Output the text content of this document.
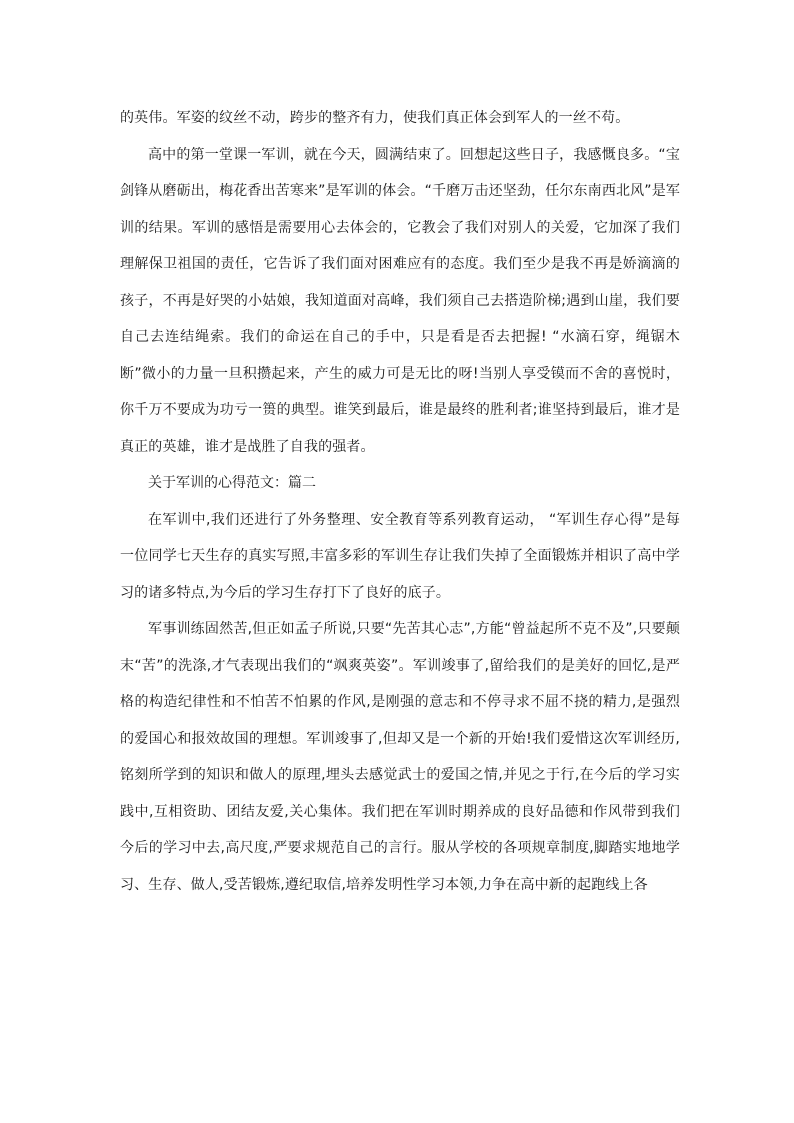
的英伟。军姿的纹丝不动，跨步的整齐有力，使我们真正体会到军人的一丝不苟。

高中的第一堂课一军训，就在今天，圆满结束了。回想起这些日子，我感慨良多。“宝剑锋从磨砺出，梅花香出苦寒来”是军训的体会。“千磨万击还坚劲，任尔东南西北风”是军训的结果。军训的感悟是需要用心去体会的，它教会了我们对别人的关爱，它加深了我们理解保卫祖国的责任，它告诉了我们面对困难应有的态度。我们至少是我不再是娇滴滴的孩子，不再是好哭的小姑娘，我知道面对高峰，我们须自己去搭造阶梯;遇到山崖，我们要自己去连结绳索。我们的命运在自己的手中，只是看是否去把握! “水滴石穿，绳锯木断”微小的力量一旦积攒起来，产生的威力可是无比的呀!当别人享受镆而不舍的喜悦时，你千万不要成为功亏一篑的典型。谁笑到最后，谁是最终的胜利者;谁坚持到最后，谁才是真正的英雄，谁才是战胜了自我的强者。

关于军训的心得范文：篇二

在军训中,我们还进行了外务整理、安全教育等系列教育运动， “军训生存心得”是每一位同学七天生存的真实写照,丰富多彩的军训生存让我们失掉了全面锻炼并相识了高中学习的诸多特点,为今后的学习生存打下了良好的底子。

军事训练固然苦,但正如孟子所说,只要“先苦其心志”,方能“曾益起所不克不及”,只要颠末“苦”的洗涤,才气表现出我们的“飒爽英姿”。军训竣事了,留给我们的是美好的回忆,是严格的构造纪律性和不怕苦不怕累的作风,是刚强的意志和不停寻求不屈不挠的精力,是强烈的爱国心和报效故国的理想。军训竣事了,但却又是一个新的开始!我们爱惜这次军训经历,铭刻所学到的知识和做人的原理,埋头去感觉武士的爱国之情,并见之于行,在今后的学习实践中,互相资助、团结友爱,关心集体。我们把在军训时期养成的良好品德和作风带到我们今后的学习中去,高尺度,严要求规范自己的言行。服从学校的各项规章制度,脚踏实地地学习、生存、做人,受苦锻炼,遵纪取信,培养发明性学习本领,力争在高中新的起跑线上各
